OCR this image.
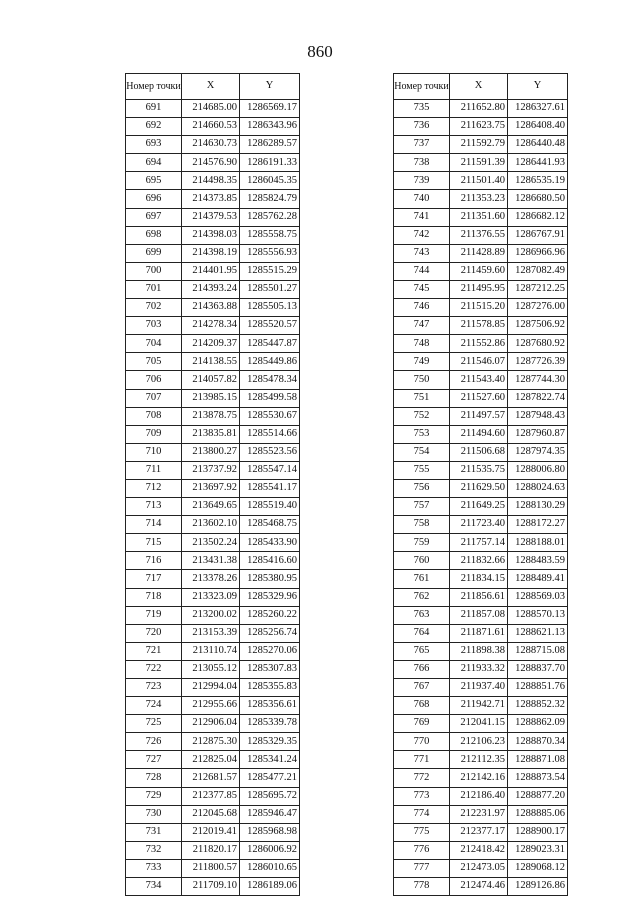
860
Номер точки	X	Y
691	214685.00	1286569.17
692	214660.53	1286343.96
693	214630.73	1286289.57
694	214576.90	1286191.33
695	214498.35	1286045.35
696	214373.85	1285824.79
697	214379.53	1285762.28
698	214398.03	1285558.75
699	214398.19	1285556.93
700	214401.95	1285515.29
701	214393.24	1285501.27
702	214363.88	1285505.13
703	214278.34	1285520.57
704	214209.37	1285447.87
705	214138.55	1285449.86
706	214057.82	1285478.34
707	213985.15	1285499.58
708	213878.75	1285530.67
709	213835.81	1285514.66
710	213800.27	1285523.56
711	213737.92	1285547.14
712	213697.92	1285541.17
713	213649.65	1285519.40
714	213602.10	1285468.75
715	213502.24	1285433.90
716	213431.38	1285416.60
717	213378.26	1285380.95
718	213323.09	1285329.96
719	213200.02	1285260.22
720	213153.39	1285256.74
721	213110.74	1285270.06
722	213055.12	1285307.83
723	212994.04	1285355.83
724	212955.66	1285356.61
725	212906.04	1285339.78
726	212875.30	1285329.35
727	212825.04	1285341.24
728	212681.57	1285477.21
729	212377.85	1285695.72
730	212045.68	1285946.47
731	212019.41	1285968.98
732	211820.17	1286006.92
733	211800.57	1286010.65
734	211709.10	1286189.06
Номер точки	X	Y
735	211652.80	1286327.61
736	211623.75	1286408.40
737	211592.79	1286440.48
738	211591.39	1286441.93
739	211501.40	1286535.19
740	211353.23	1286680.50
741	211351.60	1286682.12
742	211376.55	1286767.91
743	211428.89	1286966.96
744	211459.60	1287082.49
745	211495.95	1287212.25
746	211515.20	1287276.00
747	211578.85	1287506.92
748	211552.86	1287680.92
749	211546.07	1287726.39
750	211543.40	1287744.30
751	211527.60	1287822.74
752	211497.57	1287948.43
753	211494.60	1287960.87
754	211506.68	1287974.35
755	211535.75	1288006.80
756	211629.50	1288024.63
757	211649.25	1288130.29
758	211723.40	1288172.27
759	211757.14	1288188.01
760	211832.66	1288483.59
761	211834.15	1288489.41
762	211856.61	1288569.03
763	211857.08	1288570.13
764	211871.61	1288621.13
765	211898.38	1288715.08
766	211933.32	1288837.70
767	211937.40	1288851.76
768	211942.71	1288852.32
769	212041.15	1288862.09
770	212106.23	1288870.34
771	212112.35	1288871.08
772	212142.16	1288873.54
773	212186.40	1288877.20
774	212231.97	1288885.06
775	212377.17	1288900.17
776	212418.42	1289023.31
777	212473.05	1289068.12
778	212474.46	1289126.86
